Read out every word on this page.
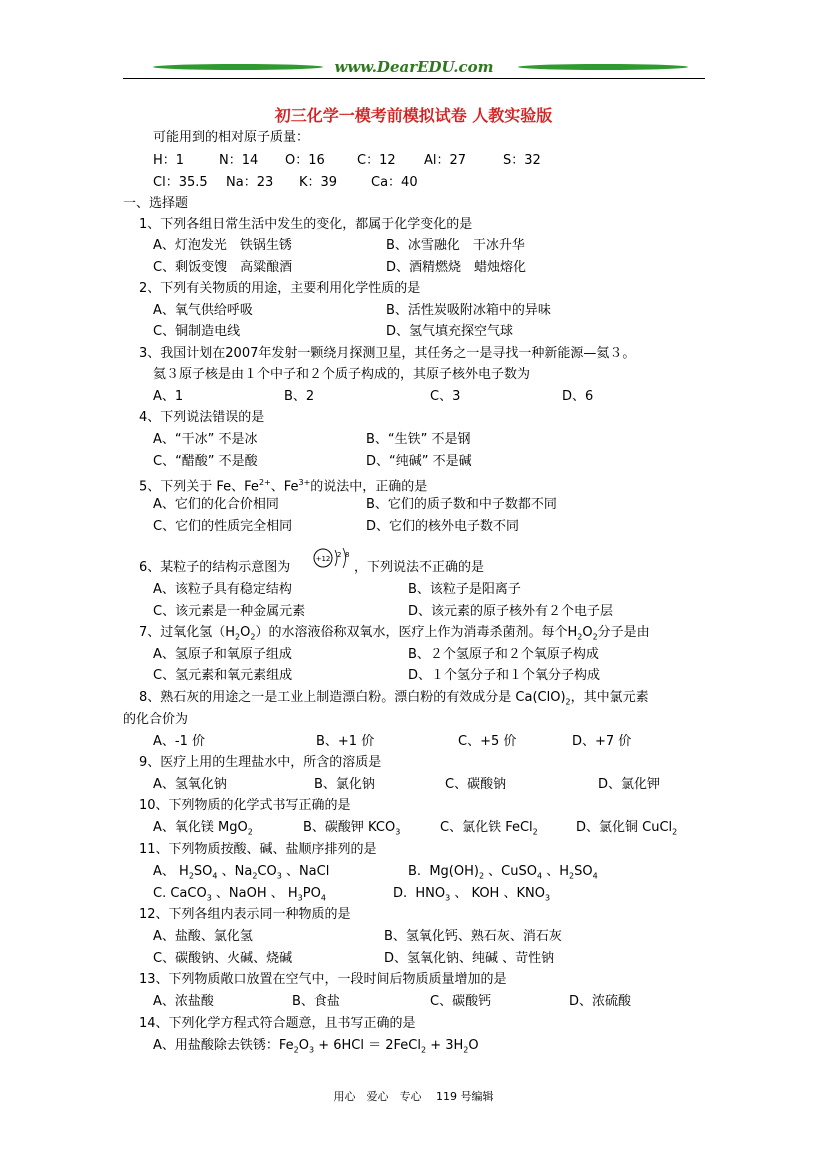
www.DearEDU.com
初三化学一模考前模拟试卷 人教实验版
可能用到的相对原子质量：
H：1	N：14 O：16 C：12 Al：27	S：32
Cl：35.5 Na：23 K：39	Ca：40
一、选择题
1、下列各组日常生活中发生的变化，都属于化学变化的是
A、灯泡发光　铁锅生锈	B、冰雪融化　干冰升华
C、剩饭变馊　高粱酿酒	D、酒精燃烧　蜡烛熔化
2、下列有关物质的用途，主要利用化学性质的是
A、氧气供给呼吸	B、活性炭吸附冰箱中的异味
C、铜制造电线	D、氢气填充探空气球
3、我国计划在2007年发射一颗绕月探测卫星，其任务之一是寻找一种新能源—氦３。
氦３原子核是由１个中子和２个质子构成的，其原子核外电子数为
A、1	B、2	C、3	D、6
4、下列说法错误的是
A、“干冰” 不是冰	B、“生铁” 不是钢
C、“醋酸” 不是酸	D、“纯碱” 不是碱
5、下列关于 Fe、$Fe^{2+}$、$Fe^{3+}$的说法中，正确的是
A、它们的化合价相同	B、它们的质子数和中子数都不同
C、它们的性质完全相同	D、它们的核外电子数不同
6、某粒子的结构示意图为
+12 2 8
，下列说法不正确的是
A、该粒子具有稳定结构	B、该粒子是阳离子
C、该元素是一种金属元素	D、该元素的原子核外有２个电子层
7、过氧化氢$(H_2O_2)$的水溶液俗称双氧水，医疗上作为消毒杀菌剂。每个$H_2O_2$分子是由
A、氢原子和氧原子组成	B、２个氢原子和２个氧原子构成
C、氢元素和氧元素组成	D、１个氢分子和１个氧分子构成
8、熟石灰的用途之一是工业上制造漂白粉。漂白粉的有效成分是 $Ca(ClO)_2$，其中氯元素
的化合价为
A、-1 价	B、+1 价	C、+5 价	D、+7 价
9、医疗上用的生理盐水中，所含的溶质是
A、氢氧化钠	B、氯化钠	C、碳酸钠	D、氯化钾
10、下列物质的化学式书写正确的是
A、氧化镁 MgO$_2$	B、碳酸钾 $KCO_3$	C、氯化铁 FeCl$_2$	D、氯化铜 CuCl$_2$
11、下列物质按酸、碱、盐顺序排列的是
A、 $H_2SO_4$ 、$Na_2CO_3$ 、NaCl	B.  $Mg(OH)_2$ 、CuSO$_4$ 、$H_2SO_4$
C. CaCO$_3$ 、NaOH 、 $H_3PO_4$	D.  $HNO_3$ 、 KOH 、$KNO_3$
12、下列各组内表示同一种物质的是
A、盐酸、氯化氢	B、氢氧化钙、熟石灰、消石灰
C、碳酸钠、火碱、烧碱	D、氢氧化钠、纯碱 、苛性钠
13、下列物质敞口放置在空气中，一段时间后物质质量增加的是
A、浓盐酸	B、食盐	C、碳酸钙	D、浓硫酸
14、下列化学方程式符合题意，且书写正确的是
A、用盐酸除去铁锈：$Fe_2O_3 + 6HCl$ ＝ 2FeCl$_2$ + $3H_2O$
用心　爱心　专心　 119 号编辑
